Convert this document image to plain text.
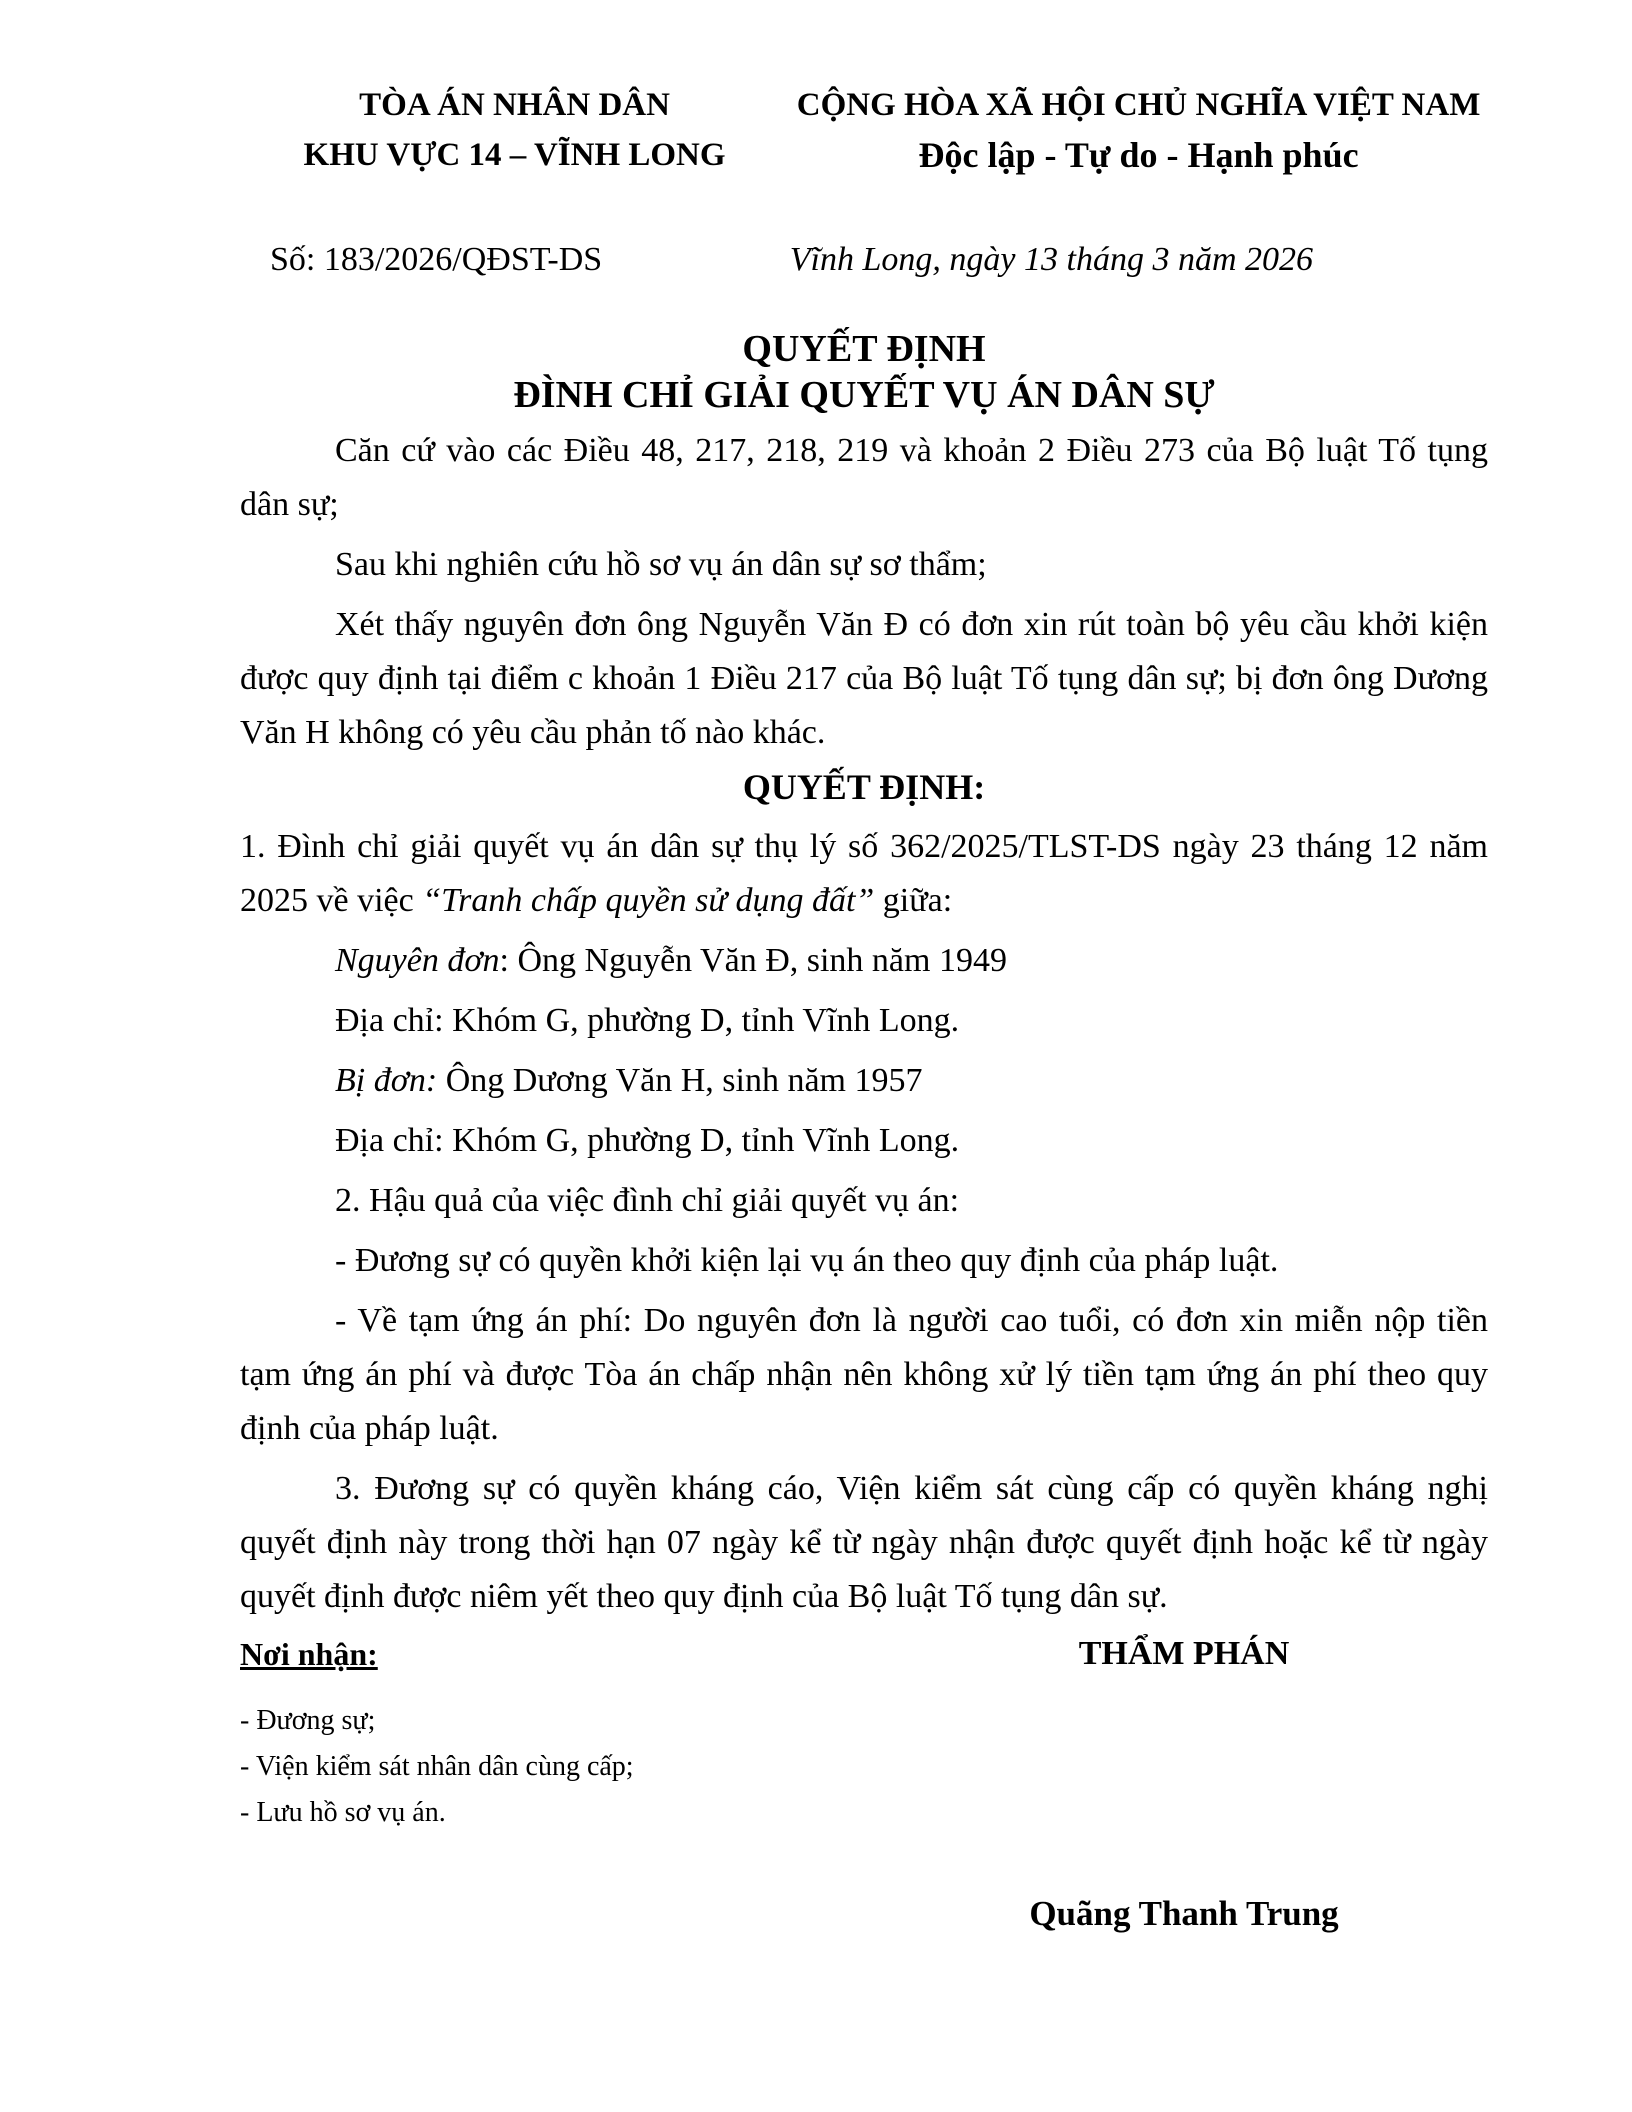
TÒA ÁN NHÂN DÂN
KHU VỰC 14 – VĨNH LONG
CỘNG HÒA XÃ HỘI CHỦ NGHĨA VIỆT NAM
Độc lập - Tự do - Hạnh phúc
Số: 183/2026/QĐST-DS	Vĩnh Long, ngày 13 tháng 3 năm 2026
QUYẾT ĐỊNH
ĐÌNH CHỈ GIẢI QUYẾT VỤ ÁN DÂN SỰ

Căn cứ vào các Điều 48, 217, 218, 219 và khoản 2 Điều 273 của Bộ luật Tố tụng dân sự;

Sau khi nghiên cứu hồ sơ vụ án dân sự sơ thẩm;

Xét thấy nguyên đơn ông Nguyễn Văn Đ có đơn xin rút toàn bộ yêu cầu khởi kiện được quy định tại điểm c khoản 1 Điều 217 của Bộ luật Tố tụng dân sự; bị đơn ông Dương Văn H không có yêu cầu phản tố nào khác.

QUYẾT ĐỊNH:

1. Đình chỉ giải quyết vụ án dân sự thụ lý số 362/2025/TLST-DS ngày 23 tháng 12 năm 2025 về việc “Tranh chấp quyền sử dụng đất” giữa:

Nguyên đơn: Ông Nguyễn Văn Đ, sinh năm 1949

Địa chỉ: Khóm G, phường D, tỉnh Vĩnh Long.

Bị đơn: Ông Dương Văn H, sinh năm 1957

Địa chỉ: Khóm G, phường D, tỉnh Vĩnh Long.

2. Hậu quả của việc đình chỉ giải quyết vụ án:

- Đương sự có quyền khởi kiện lại vụ án theo quy định của pháp luật.

- Về tạm ứng án phí: Do nguyên đơn là người cao tuổi, có đơn xin miễn nộp tiền tạm ứng án phí và được Tòa án chấp nhận nên không xử lý tiền tạm ứng án phí theo quy định của pháp luật.

3. Đương sự có quyền kháng cáo, Viện kiểm sát cùng cấp có quyền kháng nghị quyết định này trong thời hạn 07 ngày kể từ ngày nhận được quyết định hoặc kể từ ngày quyết định được niêm yết theo quy định của Bộ luật Tố tụng dân sự.

Nơi nhận:
- Đương sự;
- Viện kiểm sát nhân dân cùng cấp;
- Lưu hồ sơ vụ án.
THẨM PHÁN
Quãng Thanh Trung
